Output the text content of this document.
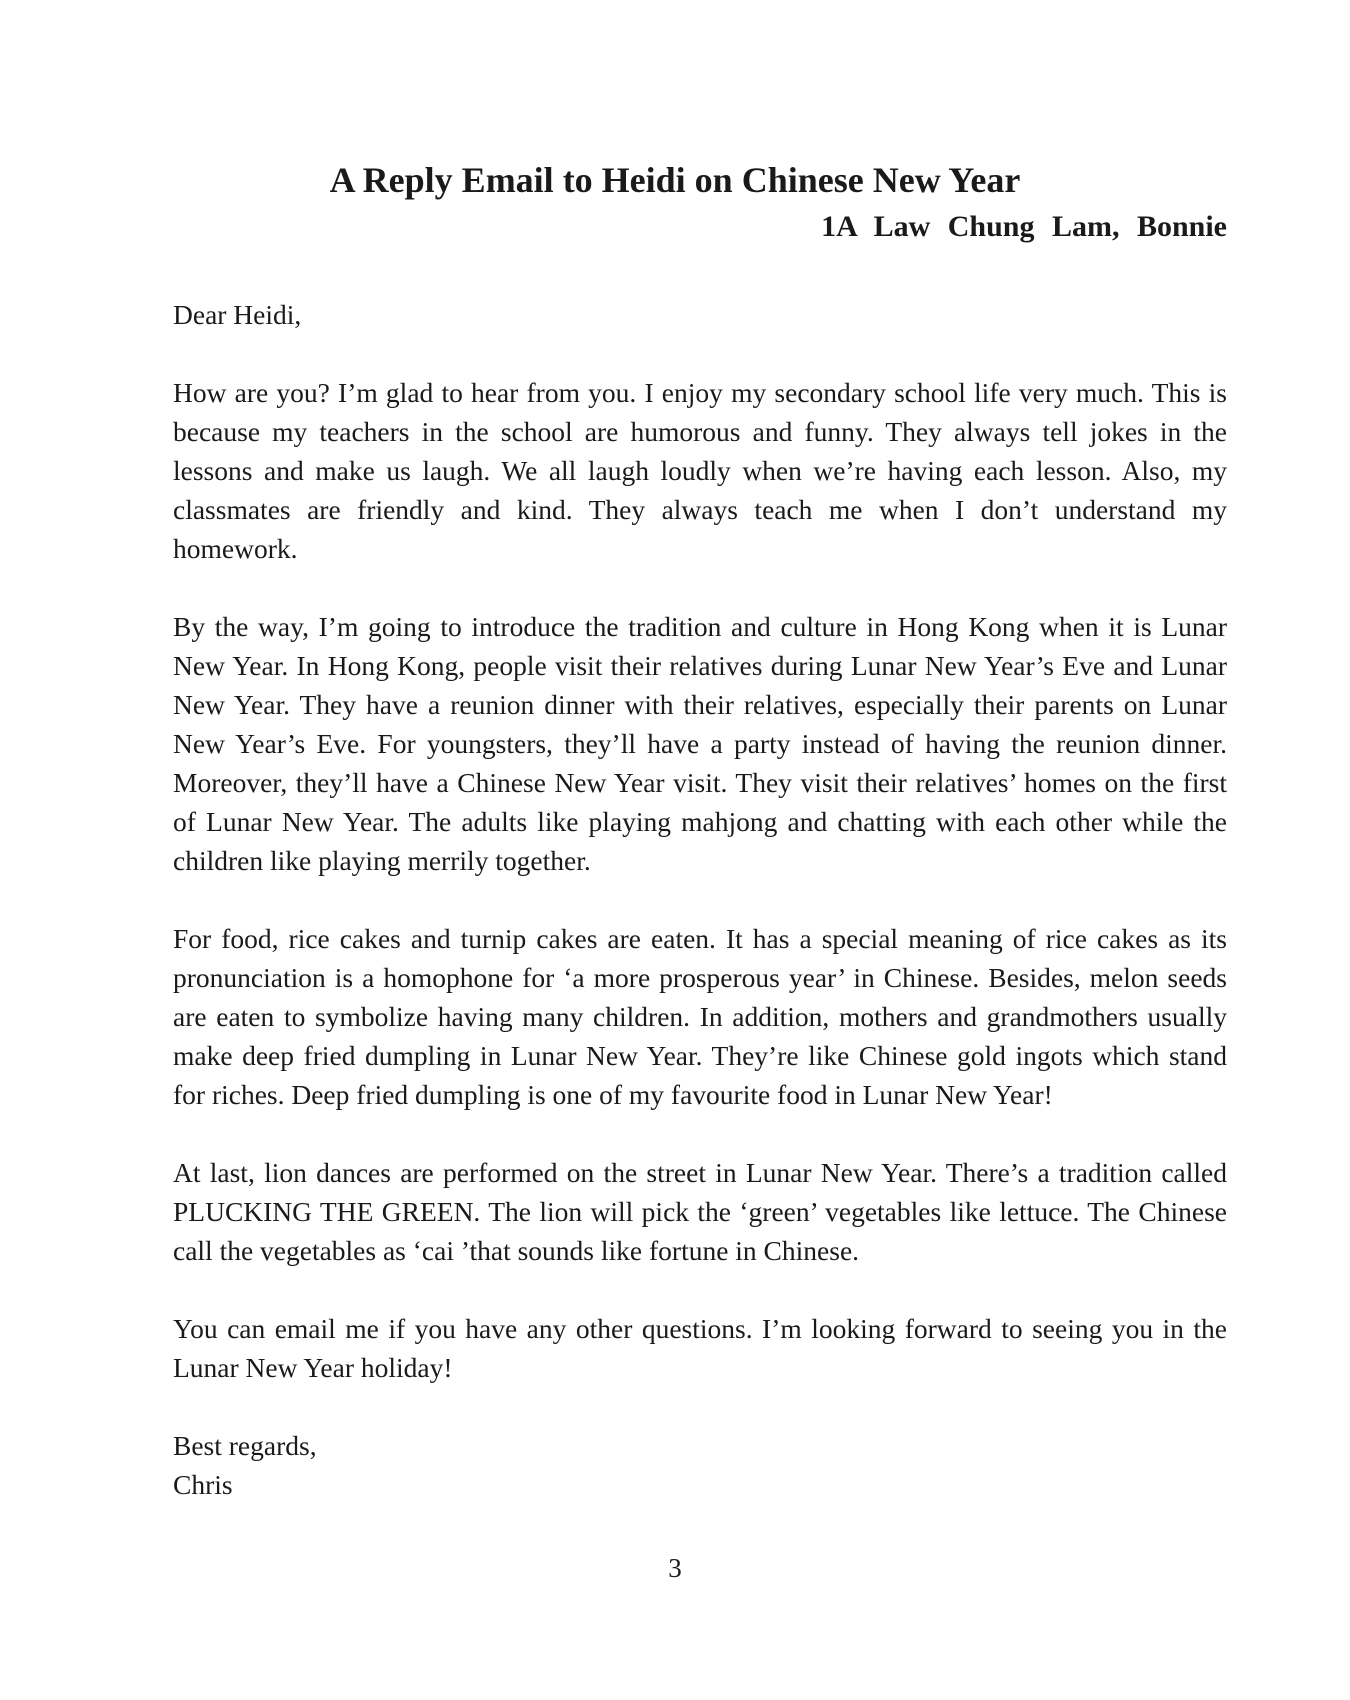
A Reply Email to Heidi on Chinese New Year

1A Law Chung Lam, Bonnie

Dear Heidi,

How are you? I’m glad to hear from you. I enjoy my secondary school life very much. This is because my teachers in the school are humorous and funny. They always tell jokes in the lessons and make us laugh. We all laugh loudly when we’re having each lesson. Also, my classmates are friendly and kind. They always teach me when I don’t understand my homework.

By the way, I’m going to introduce the tradition and culture in Hong Kong when it is Lunar New Year. In Hong Kong, people visit their relatives during Lunar New Year’s Eve and Lunar New Year. They have a reunion dinner with their relatives, especially their parents on Lunar New Year’s Eve. For youngsters, they’ll have a party instead of having the reunion dinner. Moreover, they’ll have a Chinese New Year visit. They visit their relatives’ homes on the first of Lunar New Year. The adults like playing mahjong and chatting with each other while the children like playing merrily together.

For food, rice cakes and turnip cakes are eaten. It has a special meaning of rice cakes as its pronunciation is a homophone for ‘a more prosperous year’ in Chinese. Besides, melon seeds are eaten to symbolize having many children. In addition, mothers and grandmothers usually make deep fried dumpling in Lunar New Year. They’re like Chinese gold ingots which stand for riches. Deep fried dumpling is one of my favourite food in Lunar New Year!

At last, lion dances are performed on the street in Lunar New Year. There’s a tradition called PLUCKING THE GREEN. The lion will pick the ‘green’ vegetables like lettuce. The Chinese call the vegetables as ‘cai ’that sounds like fortune in Chinese.

You can email me if you have any other questions. I’m looking forward to seeing you in the Lunar New Year holiday!

Best regards,

Chris

3
